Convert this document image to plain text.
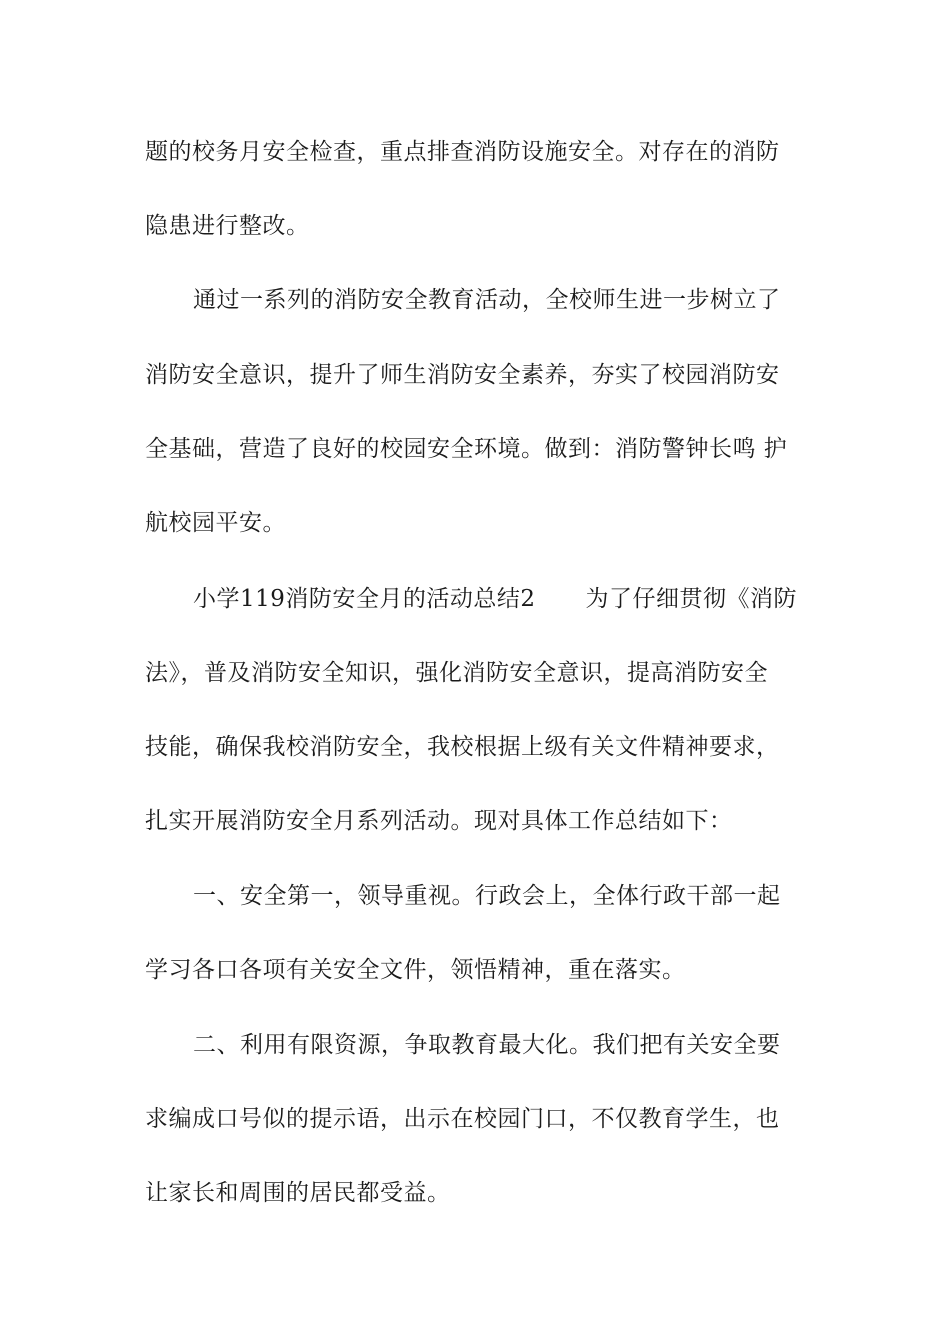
题的校务月安全检查，重点排查消防设施安全。对存在的消防
隐患进行整改。
通过一系列的消防安全教育活动，全校师生进一步树立了
消防安全意识，提升了师生消防安全素养，夯实了校园消防安
全基础，营造了良好的校园安全环境。做到：消防警钟长鸣 护
航校园平安。
小学119消防安全月的活动总结2 为了仔细贯彻《消防
法》，普及消防安全知识，强化消防安全意识，提高消防安全
技能，确保我校消防安全，我校根据上级有关文件精神要求，
扎实开展消防安全月系列活动。现对具体工作总结如下：
一、安全第一，领导重视。行政会上，全体行政干部一起
学习各口各项有关安全文件，领悟精神，重在落实。
二、利用有限资源，争取教育最大化。我们把有关安全要
求编成口号似的提示语，出示在校园门口，不仅教育学生，也
让家长和周围的居民都受益。
